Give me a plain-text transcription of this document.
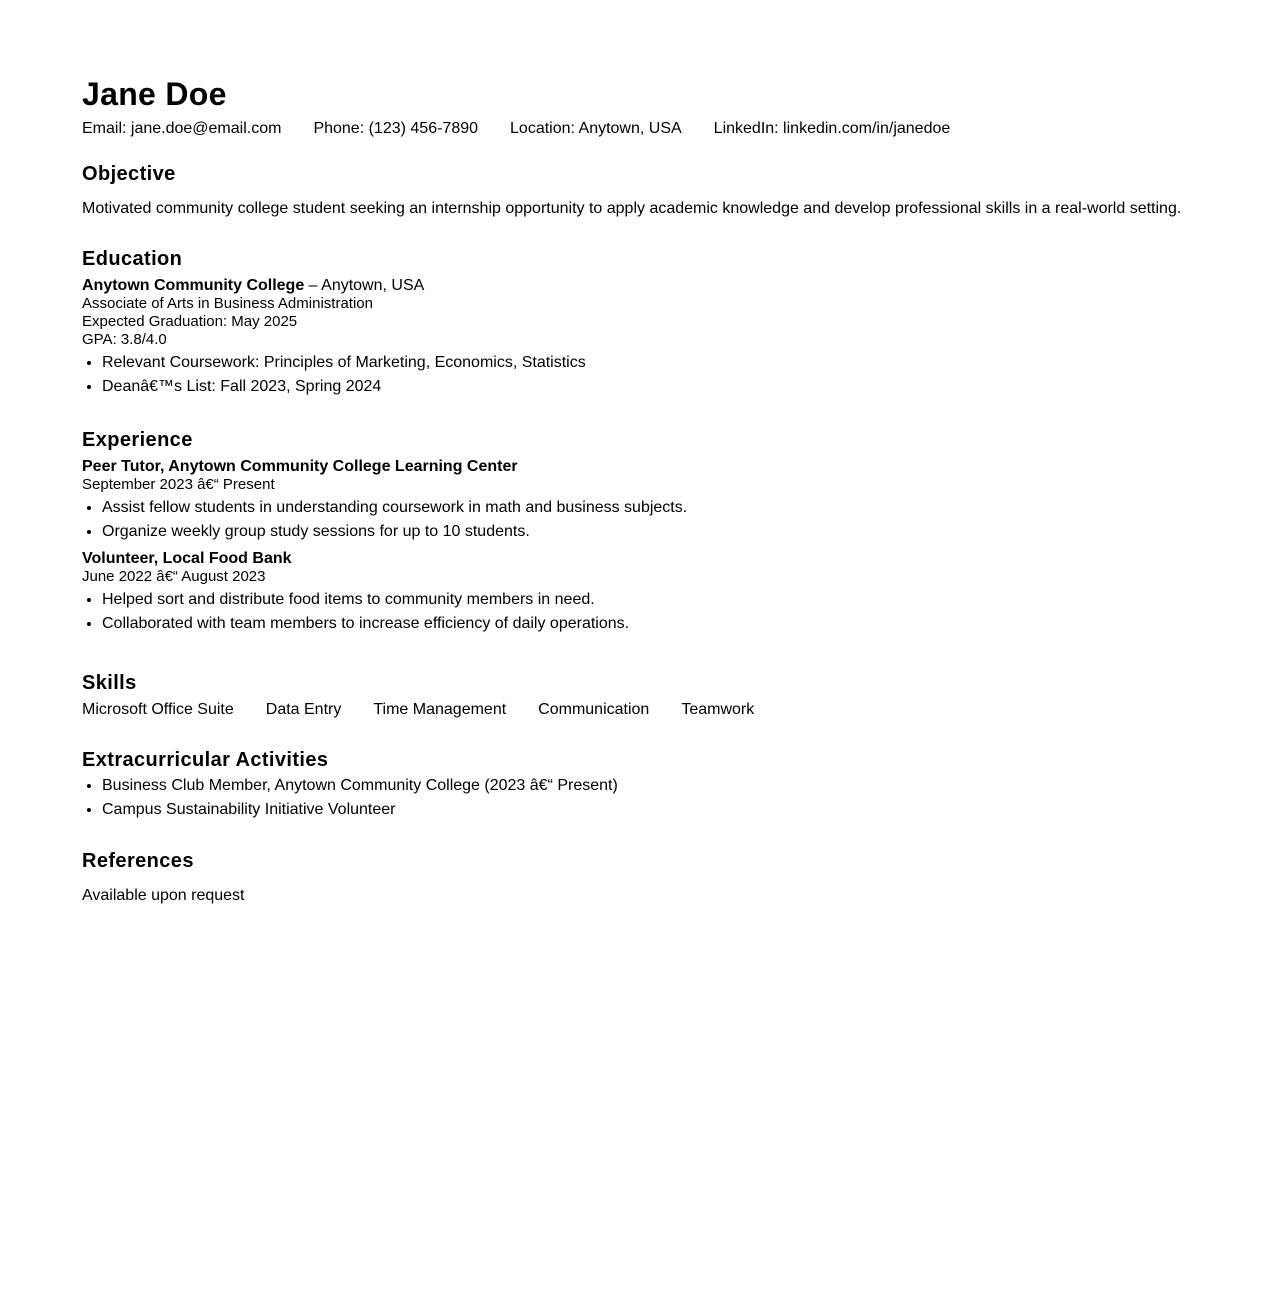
Jane Doe
Email: jane.doe@email.com Phone: (123) 456-7890 Location: Anytown, USA LinkedIn: linkedin.com/in/janedoe
Objective
Motivated community college student seeking an internship opportunity to apply academic knowledge and develop professional skills in a real-world setting.
Education
Anytown Community College – Anytown, USA
Associate of Arts in Business Administration
Expected Graduation: May 2025
GPA: 3.8/4.0
• Relevant Coursework: Principles of Marketing, Economics, Statistics
• Deanâ€™s List: Fall 2023, Spring 2024
Experience
Peer Tutor, Anytown Community College Learning Center
September 2023 â€“ Present
• Assist fellow students in understanding coursework in math and business subjects.
• Organize weekly group study sessions for up to 10 students.
Volunteer, Local Food Bank
June 2022 â€“ August 2023
• Helped sort and distribute food items to community members in need.
• Collaborated with team members to increase efficiency of daily operations.
Skills
Microsoft Office Suite Data Entry Time Management Communication Teamwork
Extracurricular Activities
• Business Club Member, Anytown Community College (2023 â€“ Present)
• Campus Sustainability Initiative Volunteer
References
Available upon request
